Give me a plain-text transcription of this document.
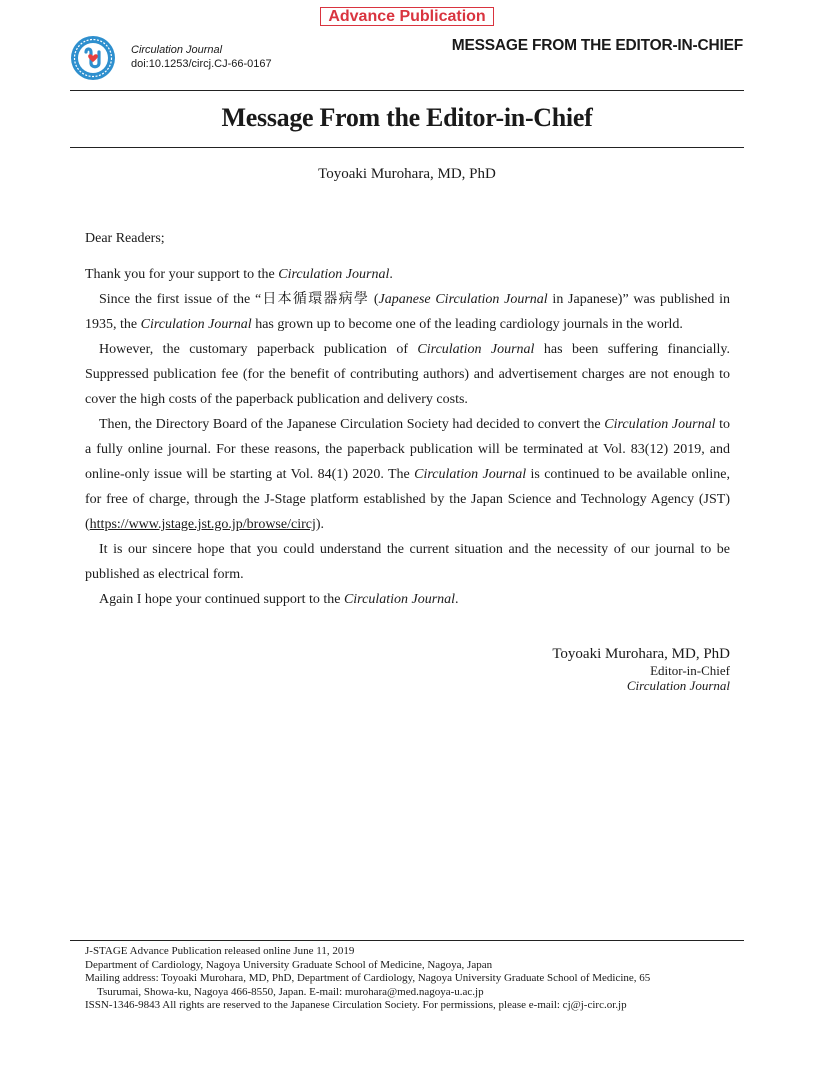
Advance Publication
Circulation Journal
doi:10.1253/circj.CJ-66-0167
MESSAGE FROM THE EDITOR-IN-CHIEF
Message From the Editor-in-Chief
Toyoaki Murohara, MD, PhD

Dear Readers;

Thank you for your support to the Circulation Journal.

Since the first issue of the “日本循環器病學 (Japanese Circulation Journal in Japanese)” was published in 1935, the Circulation Journal has grown up to become one of the leading cardiology journals in the world.

However, the customary paperback publication of Circulation Journal has been suffering financially. Suppressed publication fee (for the benefit of contributing authors) and advertisement charges are not enough to cover the high costs of the paperback publication and delivery costs.

Then, the Directory Board of the Japanese Circulation Society had decided to convert the Circulation Journal to a fully online journal. For these reasons, the paperback publication will be terminated at Vol. 83(12) 2019, and online-only issue will be starting at Vol. 84(1) 2020. The Circulation Journal is continued to be available online, for free of charge, through the J-Stage platform established by the Japan Science and Technology Agency (JST) (https://www.jstage.jst.go.jp/browse/circj).

It is our sincere hope that you could understand the current situation and the necessity of our journal to be published as electrical form.

Again I hope your continued support to the Circulation Journal.

Toyoaki Murohara, MD, PhD
Editor-in-Chief
Circulation Journal
J-STAGE Advance Publication released online June 11, 2019
Department of Cardiology, Nagoya University Graduate School of Medicine, Nagoya, Japan
Mailing address: Toyoaki Murohara, MD, PhD, Department of Cardiology, Nagoya University Graduate School of Medicine, 65
Tsurumai, Showa-ku, Nagoya 466-8550, Japan. E-mail: murohara@med.nagoya-u.ac.jp
ISSN-1346-9843 All rights are reserved to the Japanese Circulation Society. For permissions, please e-mail: cj@j-circ.or.jp
